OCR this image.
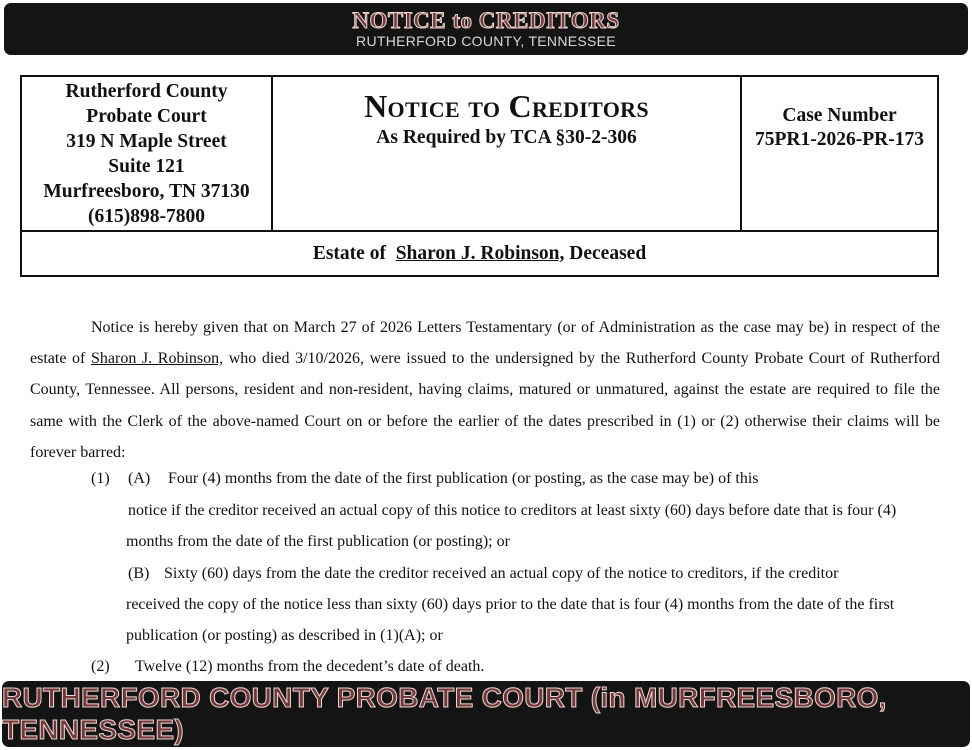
NOTICE to CREDITORS
RUTHERFORD COUNTY, TENNESSEE
Rutherford County
Probate Court
319 N Maple Street
Suite 121
Murfreesboro, TN 37130
(615)898-7800
Notice to Creditors
As Required by TCA §30-2-306
Case Number
75PR1-2026-PR-173
Estate of
Sharon J. Robinson,
Deceased
Notice is hereby given that on March 27 of 2026 Letters Testamentary (or of Administration as the case may be) in respect of the estate of Sharon J. Robinson, who died 3/10/2026, were issued to the undersigned by the Rutherford County Probate Court of Rutherford County, Tennessee. All persons, resident and non-resident, having claims, matured or unmatured, against the estate are required to file the same with the Clerk of the above-named Court on or before the earlier of the dates prescribed in (1) or (2) otherwise their claims will be forever barred:
(1) (A) Four (4) months from the date of the first publication (or posting, as the case may be) of this
notice if the creditor received an actual copy of this notice to creditors at least sixty (60) days before date that is four (4)
months from the date of the first publication (or posting); or
(B) Sixty (60) days from the date the creditor received an actual copy of the notice to creditors, if the creditor
received the copy of the notice less than sixty (60) days prior to the date that is four (4) months from the date of the first
publication (or posting) as described in (1)(A); or
(2) Twelve (12) months from the decedent’s date of death.
RUTHERFORD COUNTY PROBATE COURT (in MURFREESBORO, TENNESSEE)
